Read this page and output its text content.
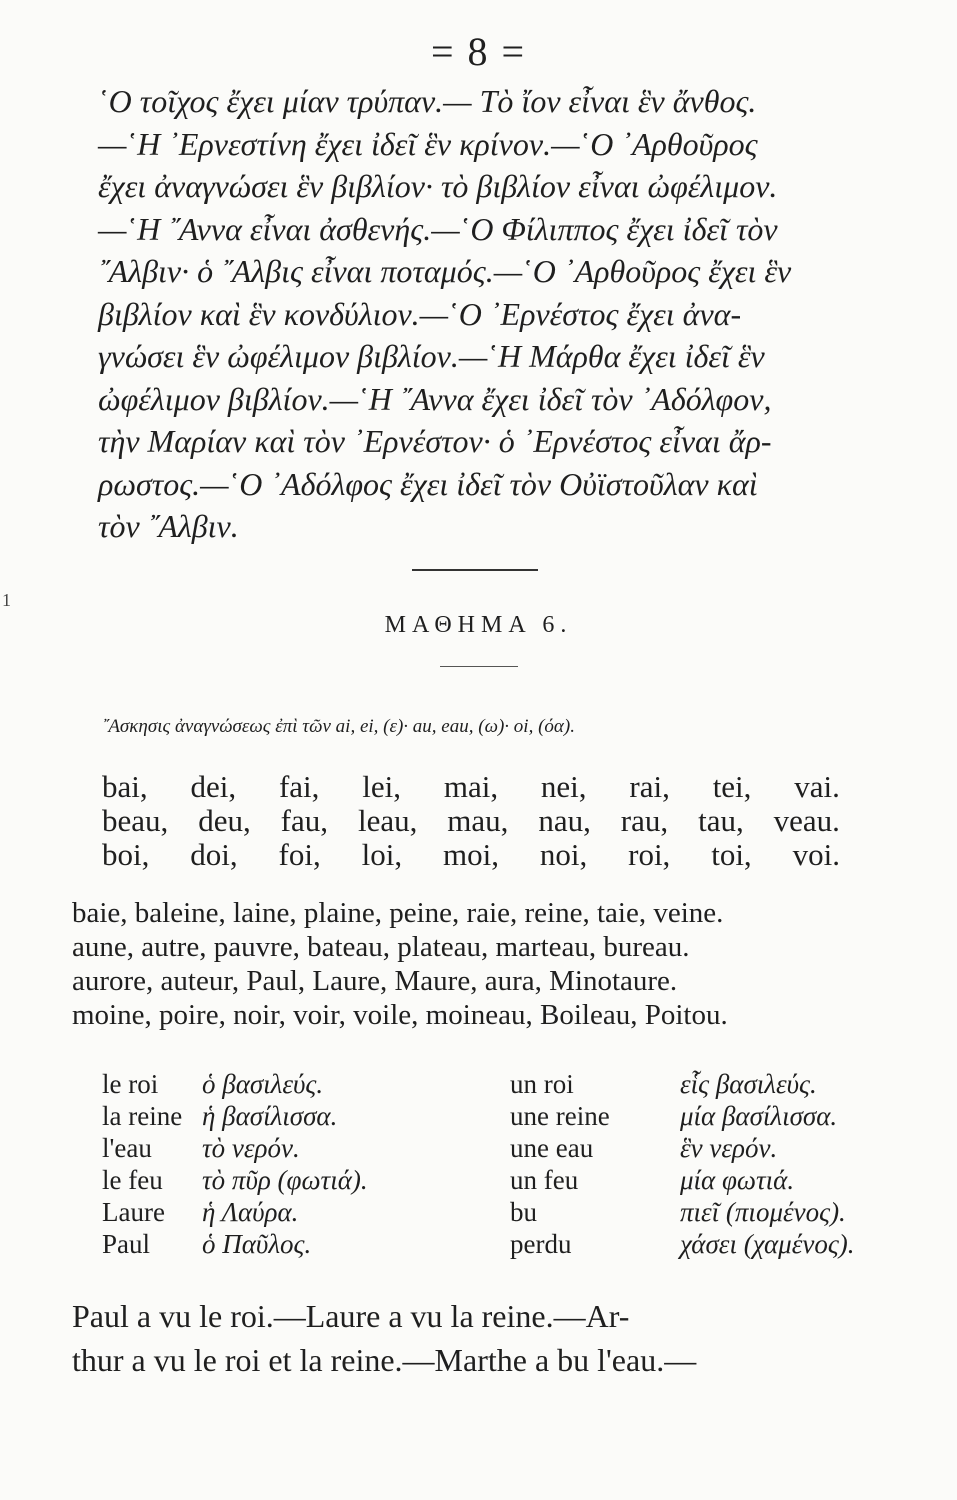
= 8 =
῾Ο τοῖχος ἔχει μίαν τρύπαν.— Τὸ ἴον εἶναι ἓν ἄνθος.
—῾Η ᾿Ερνεστίνη ἔχει ἰδεῖ ἓν κρίνον.—῾Ο ᾿Αρθοῦρος
ἔχει ἀναγνώσει ἓν βιβλίον· τὸ βιβλίον εἶναι ὠφέλιμον.
—῾Η ῎Αννα εἶναι ἀσθενής.—῾Ο Φίλιππος ἔχει ἰδεῖ τὸν
῎Αλβιν· ὁ ῎Αλβις εἶναι ποταμός.—῾Ο ᾿Αρθοῦρος ἔχει ἓν
βιβλίον καὶ ἓν κονδύλιον.—῾Ο ᾿Ερνέστος ἔχει ἀνα-
γνώσει ἓν ὠφέλιμον βιβλίον.—῾Η Μάρθα ἔχει ἰδεῖ ἓν
ὠφέλιμον βιβλίον.—῾Η ῎Αννα ἔχει ἰδεῖ τὸν ᾿Αδόλφον,
τὴν Μαρίαν καὶ τὸν ᾿Ερνέστον· ὁ ᾿Ερνέστος εἶναι ἄρ-
ρωστος.—῾Ο ᾿Αδόλφος ἔχει ἰδεῖ τὸν Οὐϊστοῦλαν καὶ
τὸν ῎Αλβιν.
1
ΜΑΘΗΜΑ 6.
῎Ασκησις ἀναγνώσεως ἐπὶ τῶν ai, ei, (ε)· au, eau, (ω)· oi, (όα).
bai, dei, fai, lei, mai, nei, rai, tei, vai.
beau, deu, fau, leau, mau, nau, rau, tau, veau.
boi, doi, foi, loi, moi, noi, roi, toi, voi.
baie, baleine, laine, plaine, peine, raie, reine, taie, veine.
aune, autre, pauvre, bateau, plateau, marteau, bureau.
aurore, auteur, Paul, Laure, Maure, aura, Minotaure.
moine, poire, noir, voir, voile, moineau, Boileau, Poitou.
le roi ὁ βασιλεύς.	un roi	εἷς βασιλεύς.
la reine ἡ βασίλισσα.	une reine	μία βασίλισσα.
l'eau τὸ νερόν.	une eau	ἓν νερόν.
le feu τὸ πῦρ (φωτιά).	un feu	μία φωτιά.
Laure ἡ Λαύρα.	bu	πιεῖ (πιομένος).
Paul ὁ Παῦλος.	perdu	χάσει (χαμένος).
Paul a vu le roi.—Laure a vu la reine.—Ar-
thur a vu le roi et la reine.—Marthe a bu l'eau.—
